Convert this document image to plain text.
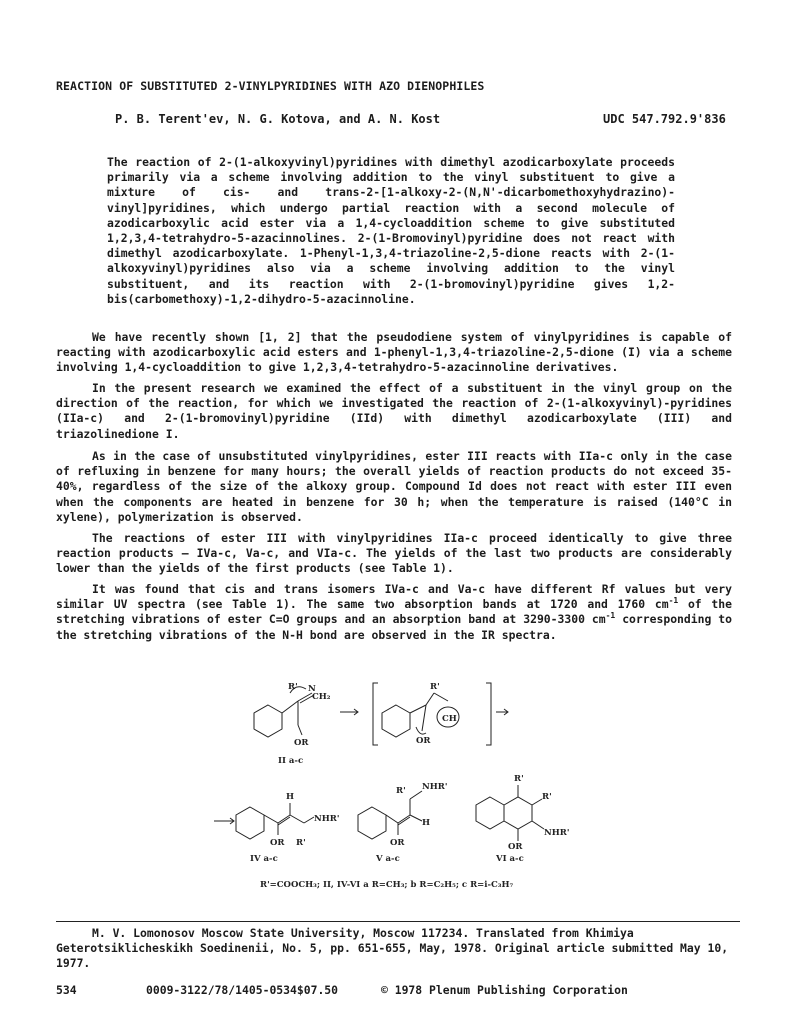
REACTION OF SUBSTITUTED 2-VINYLPYRIDINES WITH AZO DIENOPHILES
P. B. Terent'ev, N. G. Kotova, and A. N. Kost	UDC 547.792.9'836
The reaction of 2-(1-alkoxyvinyl)pyridines with dimethyl azodicarboxylate proceeds primarily via a scheme involving addition to the vinyl substituent to give a mixture of cis- and trans-2-[1-alkoxy-2-(N,N'-dicarbomethoxyhydrazino)-vinyl]pyridines, which undergo partial reaction with a second molecule of azodicarboxylic acid ester via a 1,4-cycloaddition scheme to give substituted 1,2,3,4-tetrahydro-5-azacinnolines. 2-(1-Bromovinyl)pyridine does not react with dimethyl azodicarboxylate. 1-Phenyl-1,3,4-triazoline-2,5-dione reacts with 2-(1-alkoxyvinyl)pyridines also via a scheme involving addition to the vinyl substituent, and its reaction with 2-(1-bromovinyl)pyridine gives 1,2-bis(carbomethoxy)-1,2-dihydro-5-azacinnoline.

We have recently shown [1, 2] that the pseudodiene system of vinylpyridines is capable of reacting with azodicarboxylic acid esters and 1-phenyl-1,3,4-triazoline-2,5-dione (I) via a scheme involving 1,4-cycloaddition to give 1,2,3,4-tetrahydro-5-azacinnoline derivatives.

In the present research we examined the effect of a substituent in the vinyl group on the direction of the reaction, for which we investigated the reaction of 2-(1-alkoxyvinyl)-pyridines (IIa-c) and 2-(1-bromovinyl)pyridine (IId) with dimethyl azodicarboxylate (III) and triazolinedione I.

As in the case of unsubstituted vinylpyridines, ester III reacts with IIa-c only in the case of refluxing in benzene for many hours; the overall yields of reaction products do not exceed 35-40%, regardless of the size of the alkoxy group. Compound Id does not react with ester III even when the components are heated in benzene for 30 h; when the temperature is raised (140°C in xylene), polymerization is observed.

The reactions of ester III with vinylpyridines IIa-c proceed identically to give three reaction products — IVa-c, Va-c, and VIa-c. The yields of the last two products are considerably lower than the yields of the first products (see Table 1).

It was found that cis and trans isomers IVa-c and Va-c have different Rf values but very similar UV spectra (see Table 1). The same two absorption bands at 1720 and 1760 $cm^{-1}$ of the stretching vibrations of ester C=O groups and an absorption band at 3290-3300 $cm^{-1}$ corresponding to the stretching vibrations of the N-H bond are observed in the IR spectra.

R' N
CH₂
OR
II a-c
R'
CH
OR
H
NHR'
OR R'
IV a-c
R' NHR'
H
OR
V a-c
R'
R'
NHR'
OR
VI a-c
R'=COOCH₃; II, IV-VI a R=CH₃; b R=C₂H₅; c R=i-C₃H₇

M. V. Lomonosov Moscow State University, Moscow 117234. Translated from Khimiya Geterotsiklicheskikh Soedinenii, No. 5, pp. 651-655, May, 1978. Original article submitted May 10, 1977.

534	0009-3122/78/1405-0534$07.50	© 1978 Plenum Publishing Corporation
